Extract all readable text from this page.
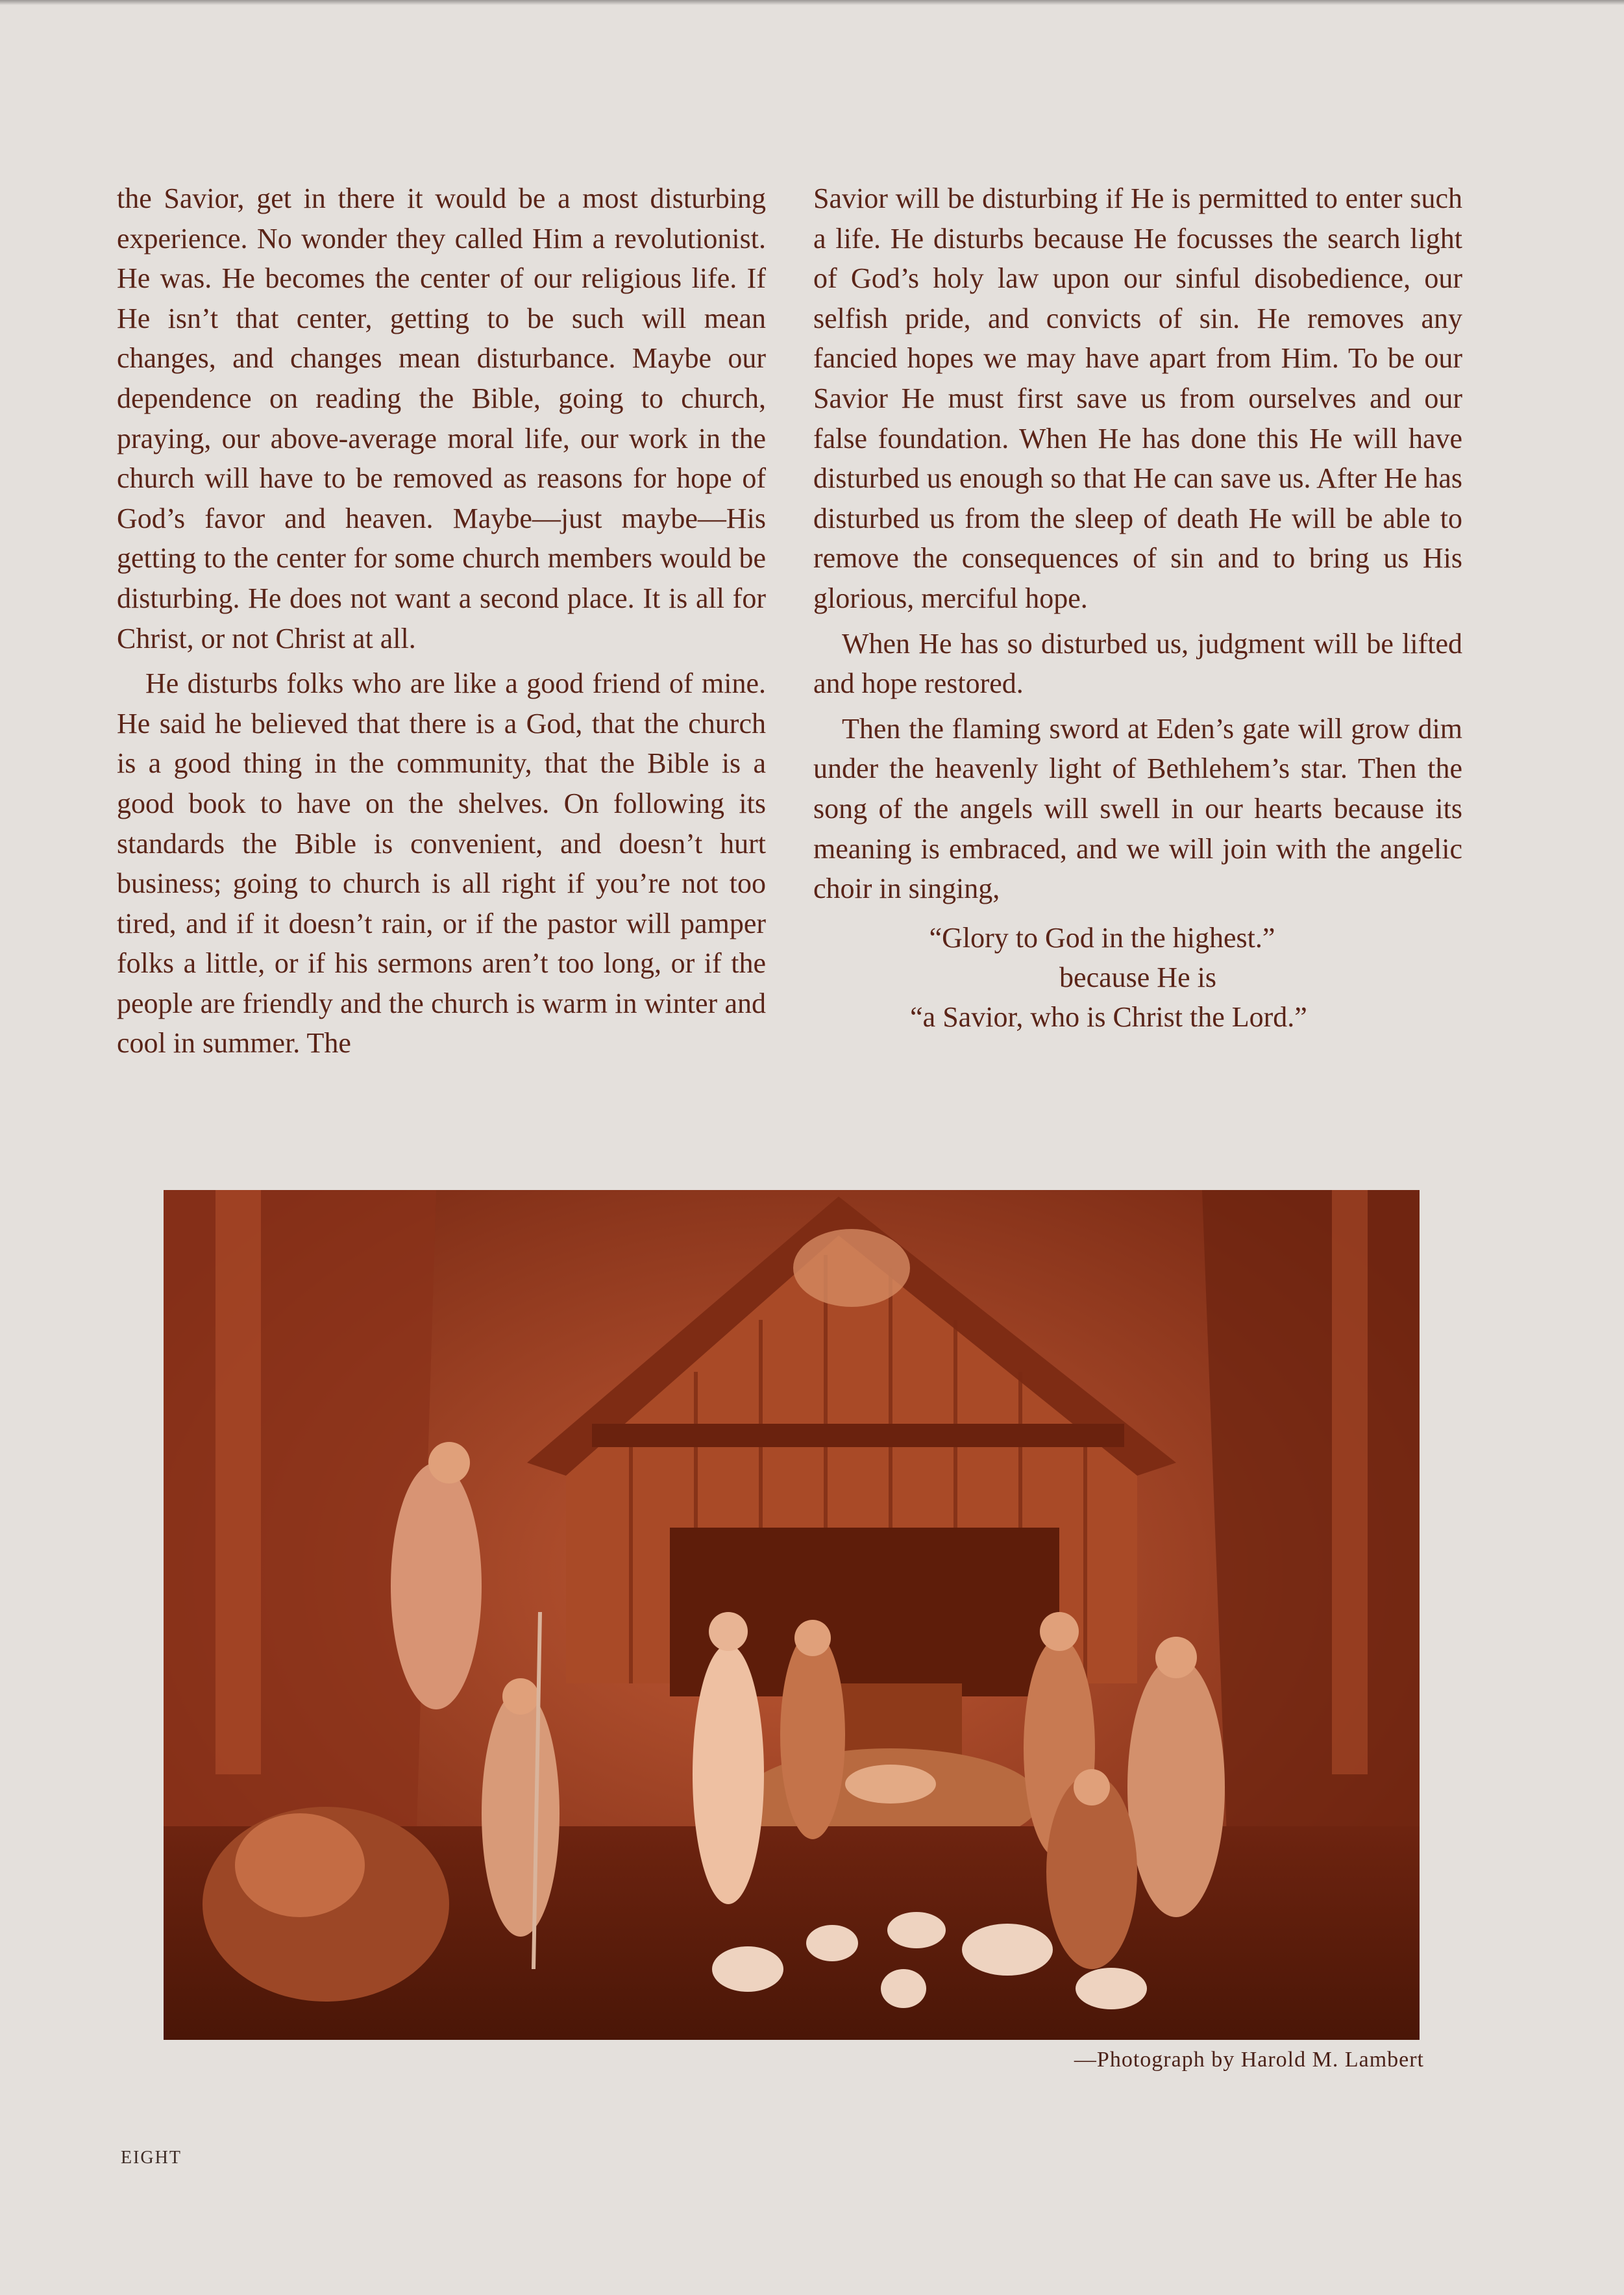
the Savior, get in there it would be a most disturbing experience. No wonder they called Him a revolutionist. He was. He becomes the center of our religious life. If He isn’t that center, getting to be such will mean changes, and changes mean disturbance. Maybe our dependence on reading the Bible, going to church, praying, our above-average moral life, our work in the church will have to be removed as reasons for hope of God’s favor and heaven. Maybe—just maybe—His getting to the center for some church members would be disturbing. He does not want a second place. It is all for Christ, or not Christ at all.

He disturbs folks who are like a good friend of mine. He said he believed that there is a God, that the church is a good thing in the community, that the Bible is a good book to have on the shelves. On following its standards the Bible is convenient, and doesn’t hurt business; going to church is all right if you’re not too tired, and if it doesn’t rain, or if the pastor will pamper folks a little, or if his sermons aren’t too long, or if the people are friendly and the church is warm in winter and cool in summer. The

Savior will be disturbing if He is permitted to enter such a life. He disturbs because He focusses the search light of God’s holy law upon our sinful disobedience, our selfish pride, and convicts of sin. He removes any fancied hopes we may have apart from Him. To be our Savior He must first save us from ourselves and our false foundation. When He has done this He will have disturbed us enough so that He can save us. After He has disturbed us from the sleep of death He will be able to remove the consequences of sin and to bring us His glorious, merciful hope.

When He has so disturbed us, judgment will be lifted and hope restored.

Then the flaming sword at Eden’s gate will grow dim under the heavenly light of Bethlehem’s star. Then the song of the angels will swell in our hearts because its meaning is embraced, and we will join with the angelic choir in singing,

“Glory to God in the highest.”
because He is
“a Savior, who is Christ the Lord.”
—Photograph by Harold M. Lambert
EIGHT
